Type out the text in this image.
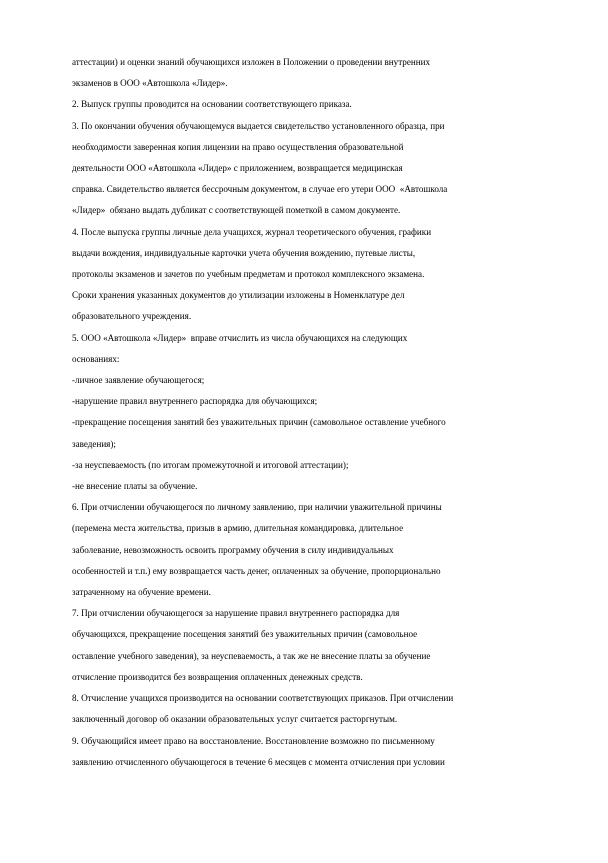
аттестации) и оценки знаний обучающихся изложен в Положении о проведении внутренних
экзаменов в ООО «Автошкола «Лидер».
2. Выпуск группы проводится на основании соответствующего приказа.
3. По окончании обучения обучающемуся выдается свидетельство установленного образца, при
необходимости заверенная копия лицензии на право осуществления образовательной
деятельности ООО «Автошкола «Лидер» с приложением, возвращается медицинская
справка. Свидетельство является бессрочным документом, в случае его утери ООО  «Автошкола
«Лидер»  обязано выдать дубликат с соответствующей пометкой в самом документе.
4. После выпуска группы личные дела учащихся, журнал теоретического обучения, графики
выдачи вождения, индивидуальные карточки учета обучения вождению, путевые листы,
протоколы экзаменов и зачетов по учебным предметам и протокол комплексного экзамена.
Сроки хранения указанных документов до утилизации изложены в Номенклатуре дел
образовательного учреждения.
5. ООО «Автошкола «Лидер»  вправе отчислить из числа обучающихся на следующих
основаниях:
-личное заявление обучающегося;
-нарушение правил внутреннего распорядка для обучающихся;
-прекращение посещения занятий без уважительных причин (самовольное оставление учебного
заведения);
-за неуспеваемость (по итогам промежуточной и итоговой аттестации);
-не внесение платы за обучение.
6. При отчислении обучающегося по личному заявлению, при наличии уважительной причины
(перемена места жительства, призыв в армию, длительная командировка, длительное
заболевание, невозможность освоить программу обучения в силу индивидуальных
особенностей и т.п.) ему возвращается часть денег, оплаченных за обучение, пропорционально
затраченному на обучение времени.
7. При отчислении обучающегося за нарушение правил внутреннего распорядка для
обучающихся, прекращение посещения занятий без уважительных причин (самовольное
оставление учебного заведения), за неуспеваемость, а так же не внесение платы за обучение
отчисление производится без возвращения оплаченных денежных средств.
8. Отчисление учащихся производится на основании соответствующих приказов. При отчислении
заключенный договор об оказании образовательных услуг считается расторгнутым.
9. Обучающийся имеет право на восстановление. Восстановление возможно по письменному
заявлению отчисленного обучающегося в течение 6 месяцев с момента отчисления при условии
